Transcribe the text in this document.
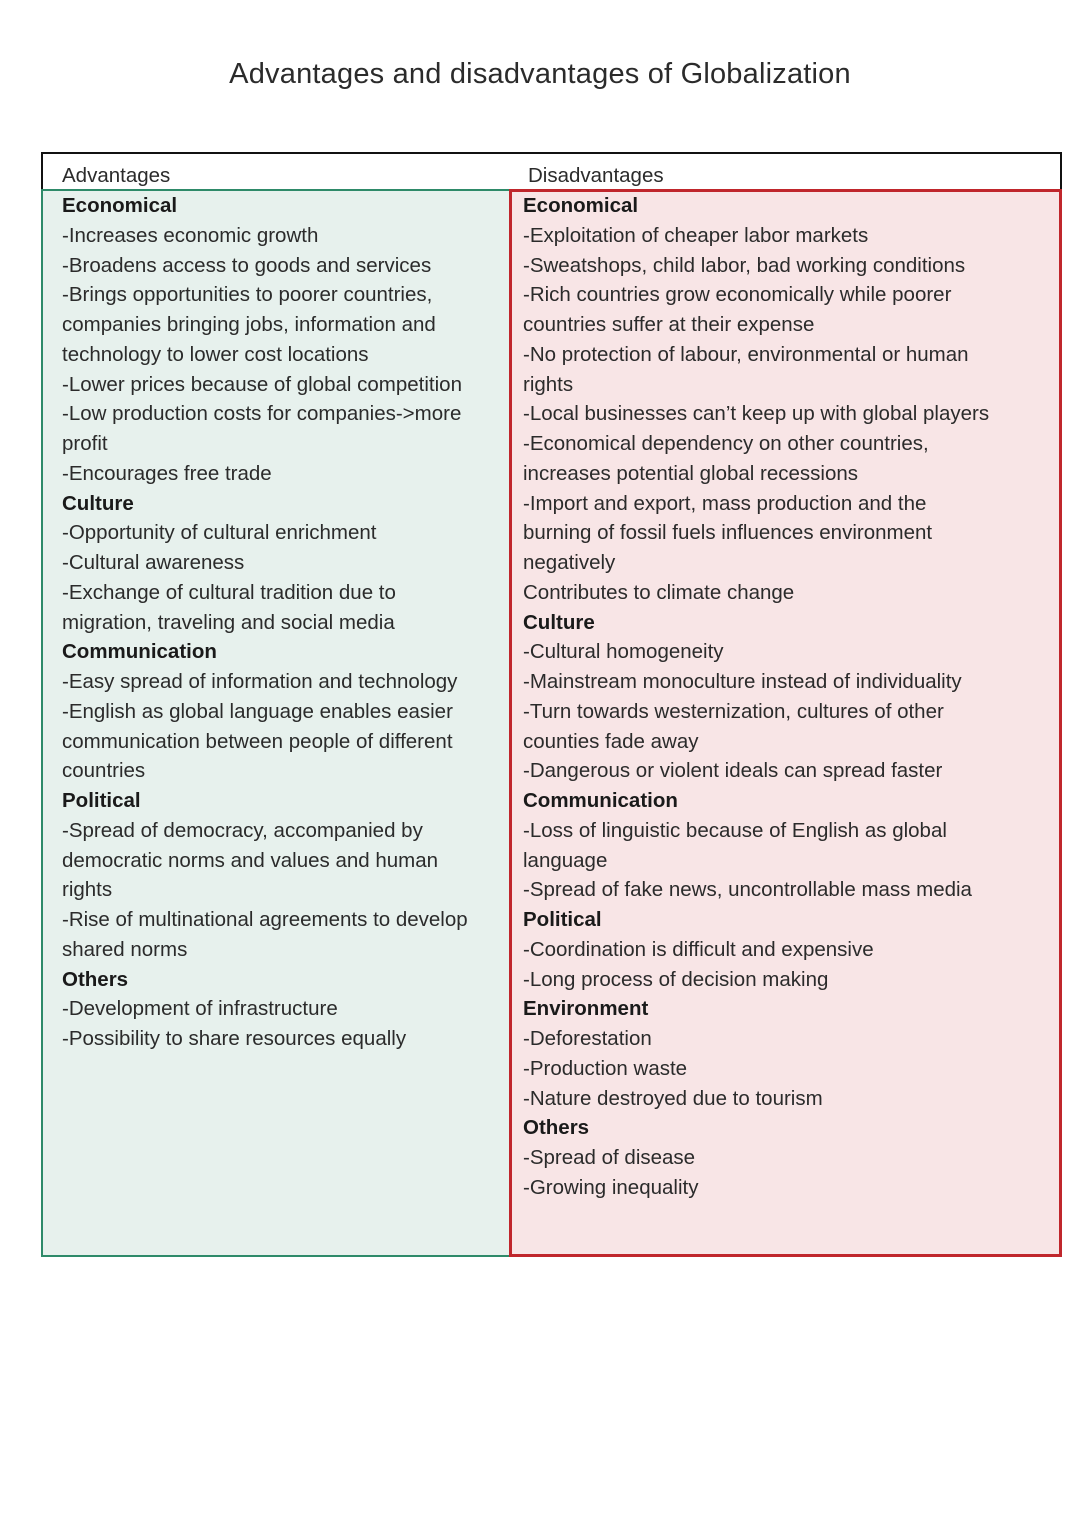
Advantages and disadvantages of Globalization
Advantages
Economical
-Increases economic growth
-Broadens access to goods and services
-Brings opportunities to poorer countries,
companies bringing jobs, information and
technology to lower cost locations
-Lower prices because of global competition
-Low production costs for companies->more
profit
-Encourages free trade
Culture
-Opportunity of cultural enrichment
-Cultural awareness
-Exchange of cultural tradition due to
migration, traveling and social media
Communication
-Easy spread of information and technology
-English as global language enables easier
communication between people of different
countries
Political
-Spread of democracy, accompanied by
democratic norms and values and human
rights
-Rise of multinational agreements to develop
shared norms
Others
-Development of infrastructure
-Possibility to share resources equally
Disadvantages
Economical
-Exploitation of cheaper labor markets
-Sweatshops, child labor, bad working conditions
-Rich countries grow economically while poorer
countries suffer at their expense
-No protection of labour, environmental or human
rights
-Local businesses can’t keep up with global players
-Economical dependency on other countries,
increases potential global recessions
-Import and export, mass production and the
burning of fossil fuels influences environment
negatively
Contributes to climate change
Culture
-Cultural homogeneity
-Mainstream monoculture instead of individuality
-Turn towards westernization, cultures of other
counties fade away
-Dangerous or violent ideals can spread faster
Communication
-Loss of linguistic because of English as global
language
-Spread of fake news, uncontrollable mass media
Political
-Coordination is difficult and expensive
-Long process of decision making
Environment
-Deforestation
-Production waste
-Nature destroyed due to tourism
Others
-Spread of disease
-Growing inequality
